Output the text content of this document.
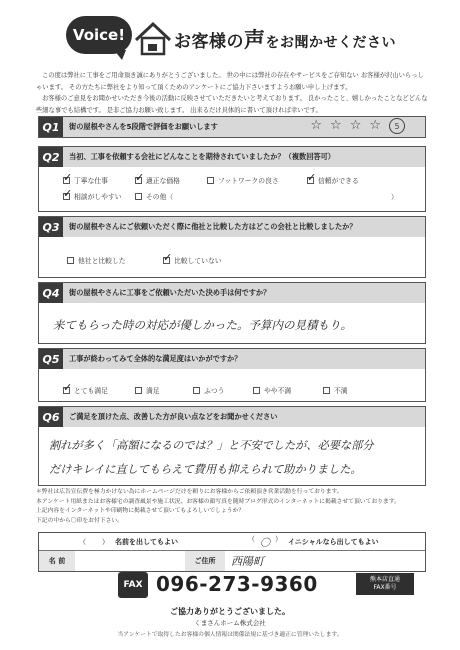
Voice!	お客様の声をお聞かせください

この度は弊社に工事をご用命頂き誠にありがとうございました。 世の中には弊社の存在やサービスをご存知ない お客様が沢山いらっしゃいます。 その方たちに弊社をより知って頂くためのアンケートにご協力下さいますようお願い申し上げます。

お客様のご意見をお聞かせいただき今後の活動に反映させていただきたいと考えております。 良かったこと、嬉しかったことなどどんな些細な事でも結構です。 是非ご協力お願い致します。 出来るだけ具体的に書いて頂ければ幸いです。

Q1	街の屋根やさんを5段階で評価をお願いします	☆ ☆ ☆ ☆	5
Q2	当初、工事を依頼する会社にどんなことを期待されていましたか？（複数回答可）
✓
丁寧な仕事 ✓	適正な価格	フットワークの良さ ✓	信頼ができる
✓
相談がしやすい	その他（	）
Q3	街の屋根やさんにご依頼いただく際に他社と比較した方はどこの会社と比較しましたか？
他社と比較した ✓	比較していない
Q4	街の屋根やさんに工事をご依頼いただいた決め手は何ですか？
来てもらった時の対応が優しかった。予算内の見積もり。
Q5	工事が終わってみて全体的な満足度はいかがですか？
✓
とても満足	満足	ふつう	やや不満	不満
Q6	ご満足を頂けた点、改善した方が良い点などをお聞かせください
割れが多く「高額になるのでは？」と不安でしたが、必要な部分
だけキレイに直してもらえて費用も抑えられて助かりました。
＊弊社は広告宣伝費を極力かけない為にホームページだけを頼りにお客様からご依頼頂き営業活動を行っております。
本アンケート用紙またはお客様宅の調査風景や施工状況、お客様の顔写真を随時ブログ形式のインターネットに掲載させて頂いております。
上記内容をインターネットや印刷物に掲載させて頂いてもよろしいでしょうか？
下記の中から〇印をお付下さい。
（ ） 名前を出してもよい	（ 〇 ） イニシャルなら出してもよい
名 前	ご住所	西陽町
FAX 096-273-9360	熊本店直通
FAX番号
ご協力ありがとうございました。
くまさんホーム株式会社
当アンケートで取得したお客様の個人情報は関係法規に基づき適正に管理いたします。
